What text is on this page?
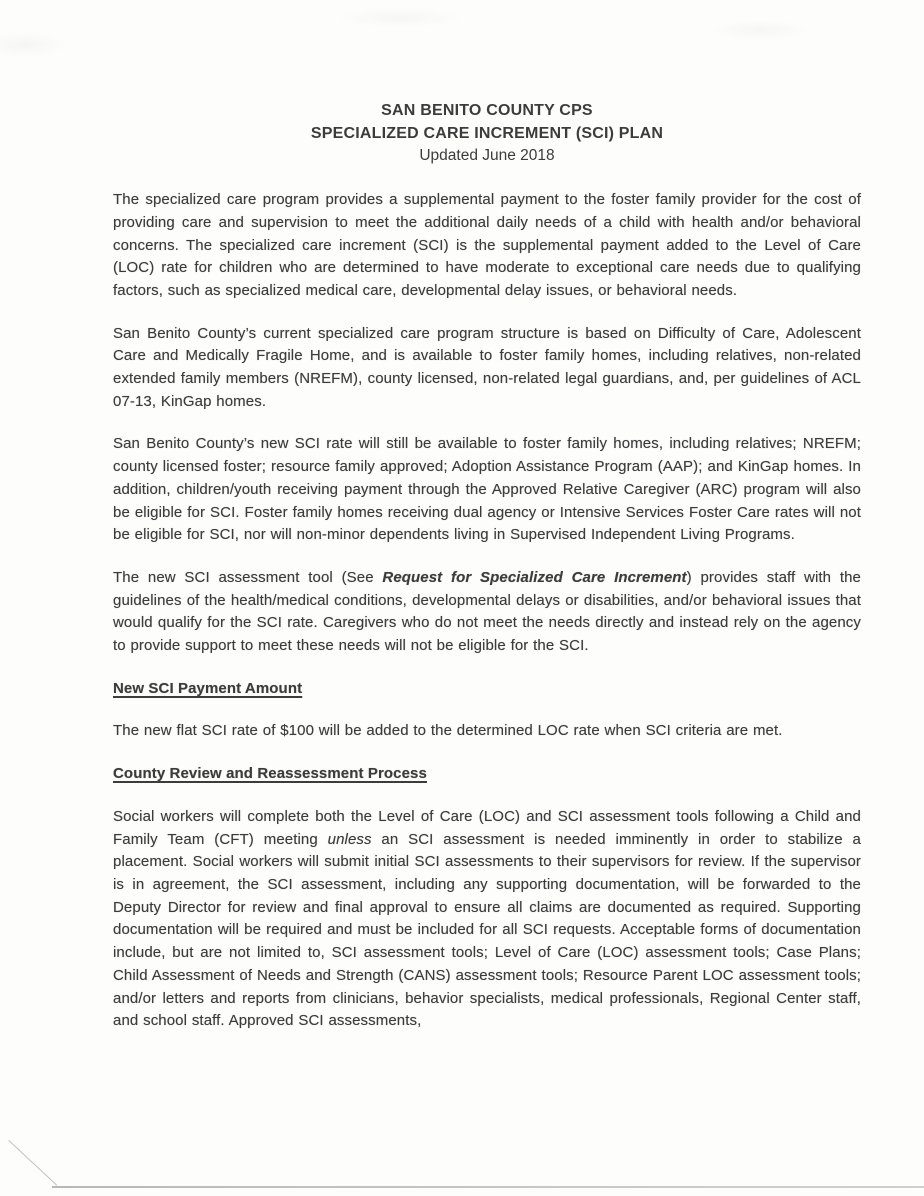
SAN BENITO COUNTY CPS
SPECIALIZED CARE INCREMENT (SCI) PLAN
Updated June 2018

The specialized care program provides a supplemental payment to the foster family provider for the cost of providing care and supervision to meet the additional daily needs of a child with health and/or behavioral concerns. The specialized care increment (SCI) is the supplemental payment added to the Level of Care (LOC) rate for children who are determined to have moderate to exceptional care needs due to qualifying factors, such as specialized medical care, developmental delay issues, or behavioral needs.

San Benito County’s current specialized care program structure is based on Difficulty of Care, Adolescent Care and Medically Fragile Home, and is available to foster family homes, including relatives, non-related extended family members (NREFM), county licensed, non-related legal guardians, and, per guidelines of ACL 07-13, KinGap homes.

San Benito County’s new SCI rate will still be available to foster family homes, including relatives; NREFM; county licensed foster; resource family approved; Adoption Assistance Program (AAP); and KinGap homes. In addition, children/youth receiving payment through the Approved Relative Caregiver (ARC) program will also be eligible for SCI. Foster family homes receiving dual agency or Intensive Services Foster Care rates will not be eligible for SCI, nor will non-minor dependents living in Supervised Independent Living Programs.

The new SCI assessment tool (See Request for Specialized Care Increment) provides staff with the guidelines of the health/medical conditions, developmental delays or disabilities, and/or behavioral issues that would qualify for the SCI rate. Caregivers who do not meet the needs directly and instead rely on the agency to provide support to meet these needs will not be eligible for the SCI.

New SCI Payment Amount

The new flat SCI rate of $100 will be added to the determined LOC rate when SCI criteria are met.

County Review and Reassessment Process

Social workers will complete both the Level of Care (LOC) and SCI assessment tools following a Child and Family Team (CFT) meeting unless an SCI assessment is needed imminently in order to stabilize a placement. Social workers will submit initial SCI assessments to their supervisors for review. If the supervisor is in agreement, the SCI assessment, including any supporting documentation, will be forwarded to the Deputy Director for review and final approval to ensure all claims are documented as required. Supporting documentation will be required and must be included for all SCI requests. Acceptable forms of documentation include, but are not limited to, SCI assessment tools; Level of Care (LOC) assessment tools; Case Plans; Child Assessment of Needs and Strength (CANS) assessment tools; Resource Parent LOC assessment tools; and/or letters and reports from clinicians, behavior specialists, medical professionals, Regional Center staff, and school staff. Approved SCI assessments,
